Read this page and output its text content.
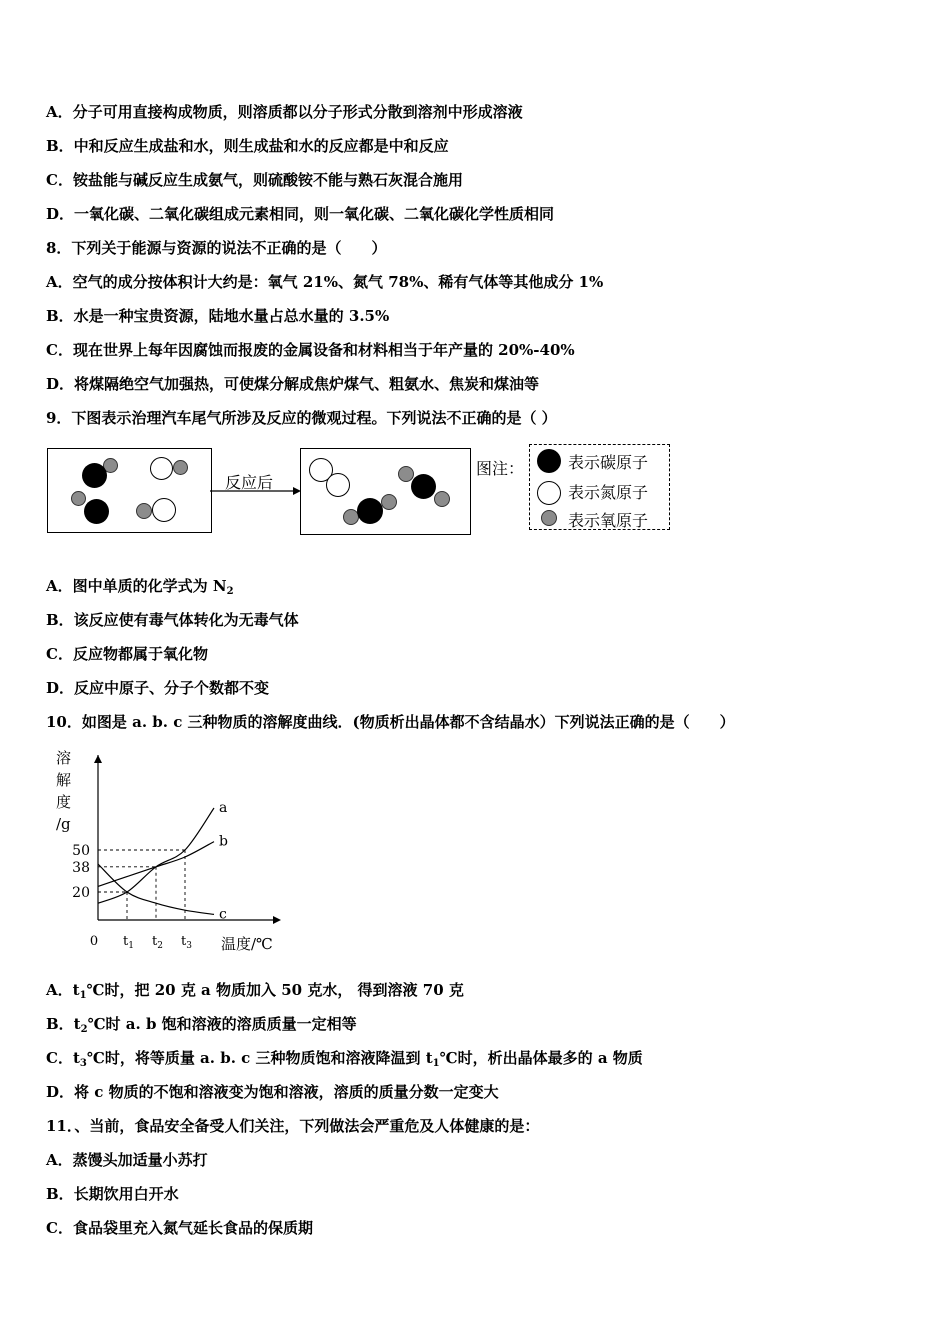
A．分子可用直接构成物质，则溶质都以分子形式分散到溶剂中形成溶液
B．中和反应生成盐和水，则生成盐和水的反应都是中和反应
C．铵盐能与碱反应生成氨气，则硫酸铵不能与熟石灰混合施用
D．一氧化碳、二氧化碳组成元素相同，则一氧化碳、二氧化碳化学性质相同
8．下列关于能源与资源的说法不正确的是（　　）
A．空气的成分按体积计大约是：氧气 21%、氮气 78%、稀有气体等其他成分 1%
B．水是一种宝贵资源，陆地水量占总水量的 3.5%
C．现在世界上每年因腐蚀而报废的金属设备和材料相当于年产量的 20%-40%
D．将煤隔绝空气加强热，可使煤分解成焦炉煤气、粗氨水、焦炭和煤油等
9．下图表示治理汽车尾气所涉及反应的微观过程。下列说法不正确的是（ ）
反应后
图注：	表示碳原子
表示氮原子
表示氧原子
A．图中单质的化学式为 $N_2$
B．该反应使有毒气体转化为无毒气体
C．反应物都属于氧化物
D．反应中原子、分子个数都不变
10．如图是 a. b. c 三种物质的溶解度曲线．(物质析出晶体都不含结晶水）下列说法正确的是（　　）
溶
解
度
/g
0	温度/℃
20
$t_1$
38
$t_2$
50
$t_3$
a
b
c
A．$t_1℃$时，把 20 克 a 物质加入 50 克水， 得到溶液 70 克
B．$t_2℃$时 a. b 饱和溶液的溶质质量一定相等
C．$t_3℃$时，将等质量 a. b. c 三种物质饱和溶液降温到 $t_1℃$时，析出晶体最多的 a 物质
D．将 c 物质的不饱和溶液变为饱和溶液，溶质的质量分数一定变大
11．、当前，食品安全备受人们关注，下列做法会严重危及人体健康的是：
A．蒸馒头加适量小苏打
B．长期饮用白开水
C．食品袋里充入氮气延长食品的保质期
